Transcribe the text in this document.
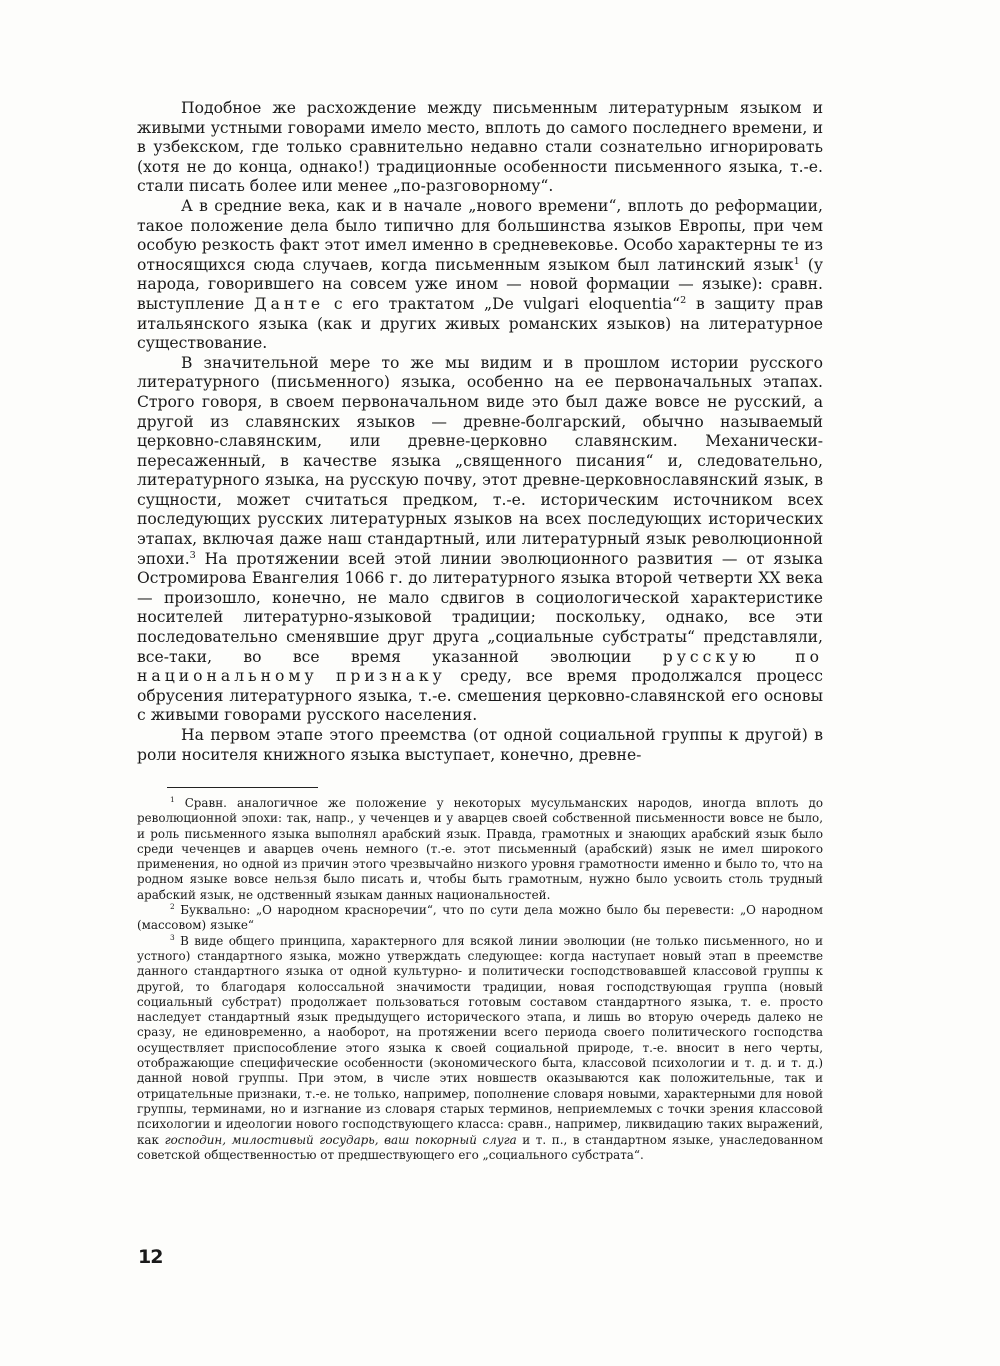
Подобное же расхождение между письменным литературным языком и живыми устными говорами имело место, вплоть до самого последнего времени, и в узбекском, где только сравнительно недавно стали сознательно игнорировать (хотя не до конца, однако!) традиционные особенности письменного языка, т.-е. стали писать более или менее „по-разговорному“.

А в средние века, как и в начале „нового времени“, вплоть до реформации, такое положение дела было типично для большинства языков Европы, при чем особую резкость факт этот имел именно в средневековье. Особо характерны те из относящихся сюда случаев, когда письменным языком был латинский язык$^1$ (у народа, говорившего на совсем уже ином — новой формации — языке): сравн. выступление Данте с его трактатом „De vulgari eloquentia“$^2$ в защиту прав итальянского языка (как и других живых романских языков) на литературное существование.

В значительной мере то же мы видим и в прошлом истории русского литературного (письменного) языка, особенно на ее первоначальных этапах. Строго говоря, в своем первоначальном виде это был даже вовсе не русский, а другой из славянских языков — древне-болгарский, обычно называемый церковно-славянским, или древне-церковно славянским. Механически-пересаженный, в качестве языка „священного писания“ и, следовательно, литературного языка, на русскую почву, этот древне-церковнославянский язык, в сущности, может считаться предком, т.-е. историческим источником всех последующих русских литературных языков на всех последующих исторических этапах, включая даже наш стандартный, или литературный язык революционной эпохи.$^3$ На протяжении всей этой линии эволюционного развития — от языка Остромирова Евангелия 1066 г. до литературного языка второй четверти XX века — произошло, конечно, не мало сдвигов в социологической характеристике носителей литературно-языковой традиции; поскольку, однако, все эти последовательно сменявшие друг друга „социальные субстраты“ представляли, все-таки, во все время указанной эволюции русскую по национальному признаку среду, все время продолжался процесс обрусения литературного языка, т.-е. смешения церковно-славянской его основы с живыми говорами русского населения.

На первом этапе этого преемства (от одной социальной группы к другой) в роли носителя книжного языка выступает, конечно, древне-

$^1$ Сравн. аналогичное же положение у некоторых мусульманских народов, иногда вплоть до революционной эпохи: так, напр., у чеченцев и у аварцев своей собственной письменности вовсе не было, и роль письменного языка выполнял арабский язык. Правда, грамотных и знающих арабский язык было среди чеченцев и аварцев очень немного (т.-е. этот письменный (арабский) язык не имел широкого применения, но одной из причин этого чрезвычайно низкого уровня грамотности именно и было то, что на родном языке вовсе нельзя было писать и, чтобы быть грамотным, нужно было усвоить столь трудный арабский язык, не одственный языкам данных национальностей.

$^2$ Буквально: „О народном красноречии“, что по сути дела можно было бы перевести: „О народном (массовом) языке“

$^3$ В виде общего принципа, характерного для всякой линии эволюции (не только письменного, но и устного) стандартного языка, можно утверждать следующее: когда наступает новый этап в преемстве данного стандартного языка от одной культурно- и политически господствовавшей классовой группы к другой, то благодаря колоссальной значимости традиции, новая господствующая группа (новый социальный субстрат) продолжает пользоваться готовым составом стандартного языка, т. е. просто наследует стандартный язык предыдущего исторического этапа, и лишь во вторую очередь далеко не сразу, не единовременно, а наоборот, на протяжении всего периода своего политического господства осуществляет приспособление этого языка к своей социальной природе, т.-е. вносит в него черты, отображающие специфические особенности (экономического быта, классовой психологии и т. д. и т. д.) данной новой группы. При этом, в числе этих новшеств оказываются как положительные, так и отрицательные признаки, т.-е. не только, например, пополнение словаря новыми, характерными для новой группы, терминами, но и изгнание из словаря старых терминов, неприемлемых с точки зрения классовой психологии и идеологии нового господствующего класса: сравн., например, ликвидацию таких выражений, как господин, милостивый государь, ваш покорный слуга и т. п., в стандартном языке, унаследованном советской общественностью от предшествующего его „социального субстрата“.

12
